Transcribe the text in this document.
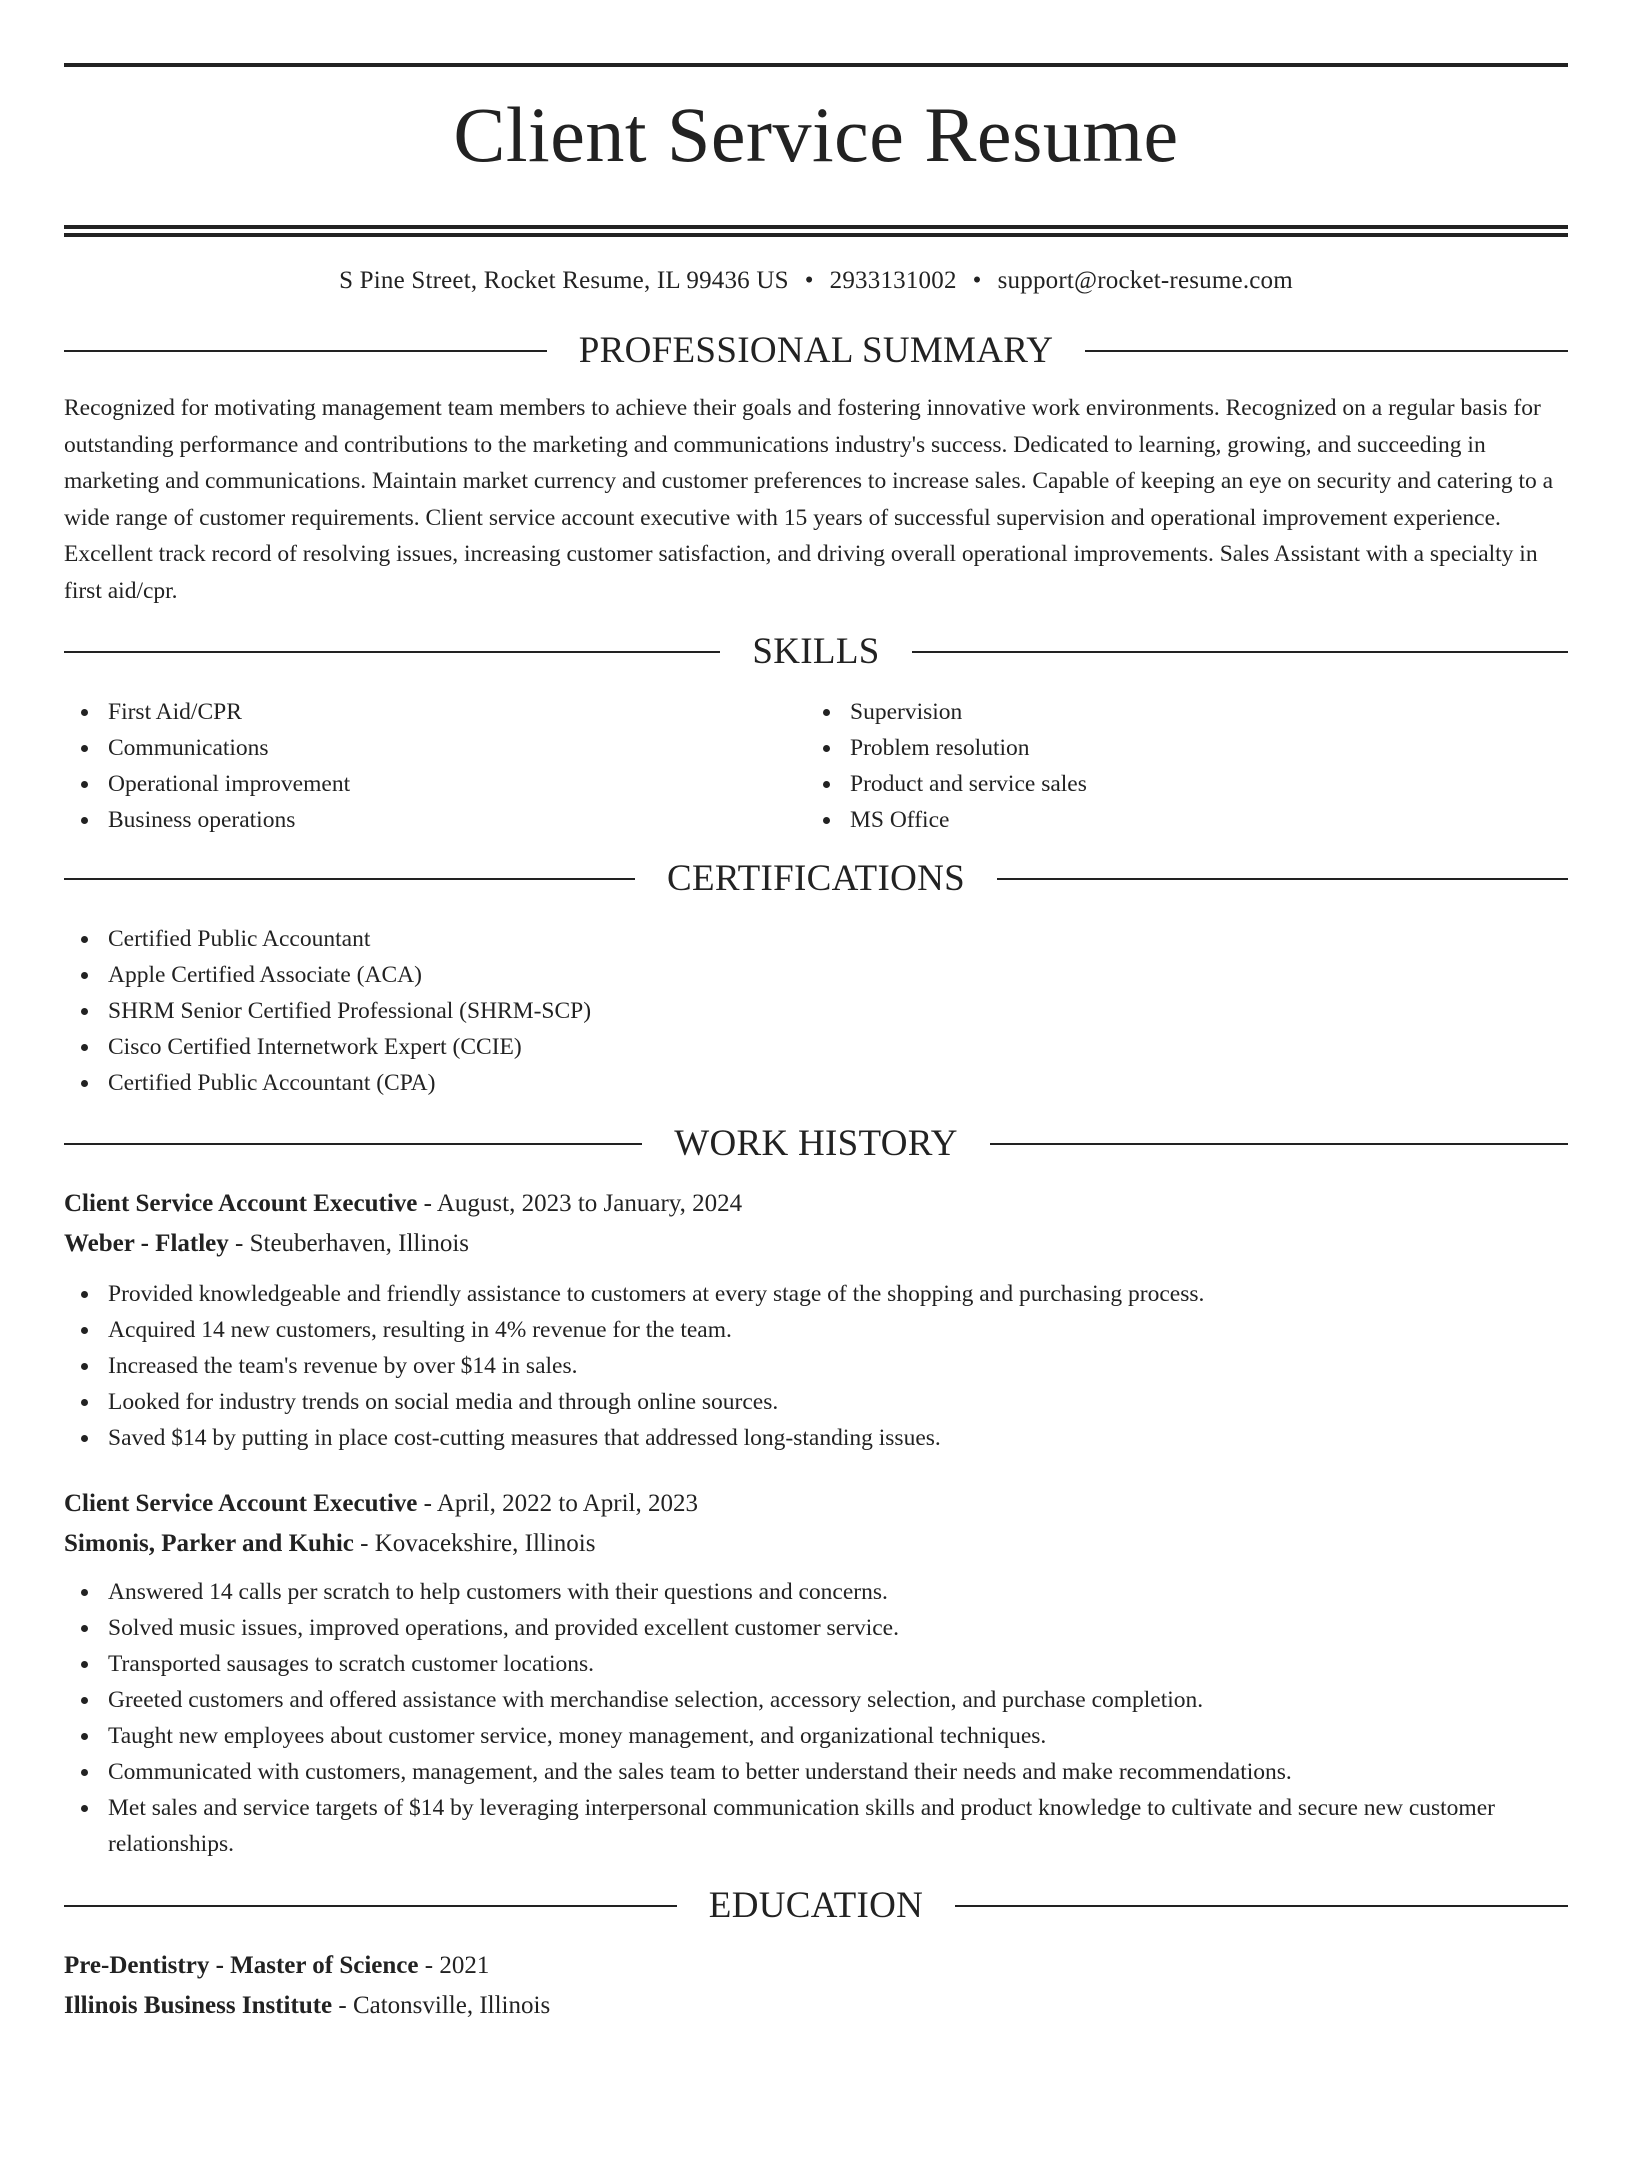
Client Service Resume
S Pine Street, Rocket Resume, IL 99436 US • 2933131002 • support@rocket-resume.com
PROFESSIONAL SUMMARY

Recognized for motivating management team members to achieve their goals and fostering innovative work environments. Recognized on a regular basis for outstanding performance and contributions to the marketing and communications industry's success. Dedicated to learning, growing, and succeeding in marketing and communications. Maintain market currency and customer preferences to increase sales. Capable of keeping an eye on security and catering to a wide range of customer requirements. Client service account executive with 15 years of successful supervision and operational improvement experience. Excellent track record of resolving issues, increasing customer satisfaction, and driving overall operational improvements. Sales Assistant with a specialty in first aid/cpr.

SKILLS
First Aid/CPR
Communications
Operational improvement
Business operations
Supervision
Problem resolution
Product and service sales
MS Office
CERTIFICATIONS
Certified Public Accountant
Apple Certified Associate (ACA)
SHRM Senior Certified Professional (SHRM-SCP)
Cisco Certified Internetwork Expert (CCIE)
Certified Public Accountant (CPA)
WORK HISTORY
Client Service Account Executive - August, 2023 to January, 2024
Weber - Flatley - Steuberhaven, Illinois
Provided knowledgeable and friendly assistance to customers at every stage of the shopping and purchasing process.
Acquired 14 new customers, resulting in 4% revenue for the team.
Increased the team's revenue by over $14 in sales.
Looked for industry trends on social media and through online sources.
Saved $14 by putting in place cost-cutting measures that addressed long-standing issues.
Client Service Account Executive - April, 2022 to April, 2023
Simonis, Parker and Kuhic - Kovacekshire, Illinois
Answered 14 calls per scratch to help customers with their questions and concerns.
Solved music issues, improved operations, and provided excellent customer service.
Transported sausages to scratch customer locations.
Greeted customers and offered assistance with merchandise selection, accessory selection, and purchase completion.
Taught new employees about customer service, money management, and organizational techniques.
Communicated with customers, management, and the sales team to better understand their needs and make recommendations.
Met sales and service targets of $14 by leveraging interpersonal communication skills and product knowledge to cultivate and secure new customer relationships.
EDUCATION
Pre-Dentistry - Master of Science - 2021
Illinois Business Institute - Catonsville, Illinois
